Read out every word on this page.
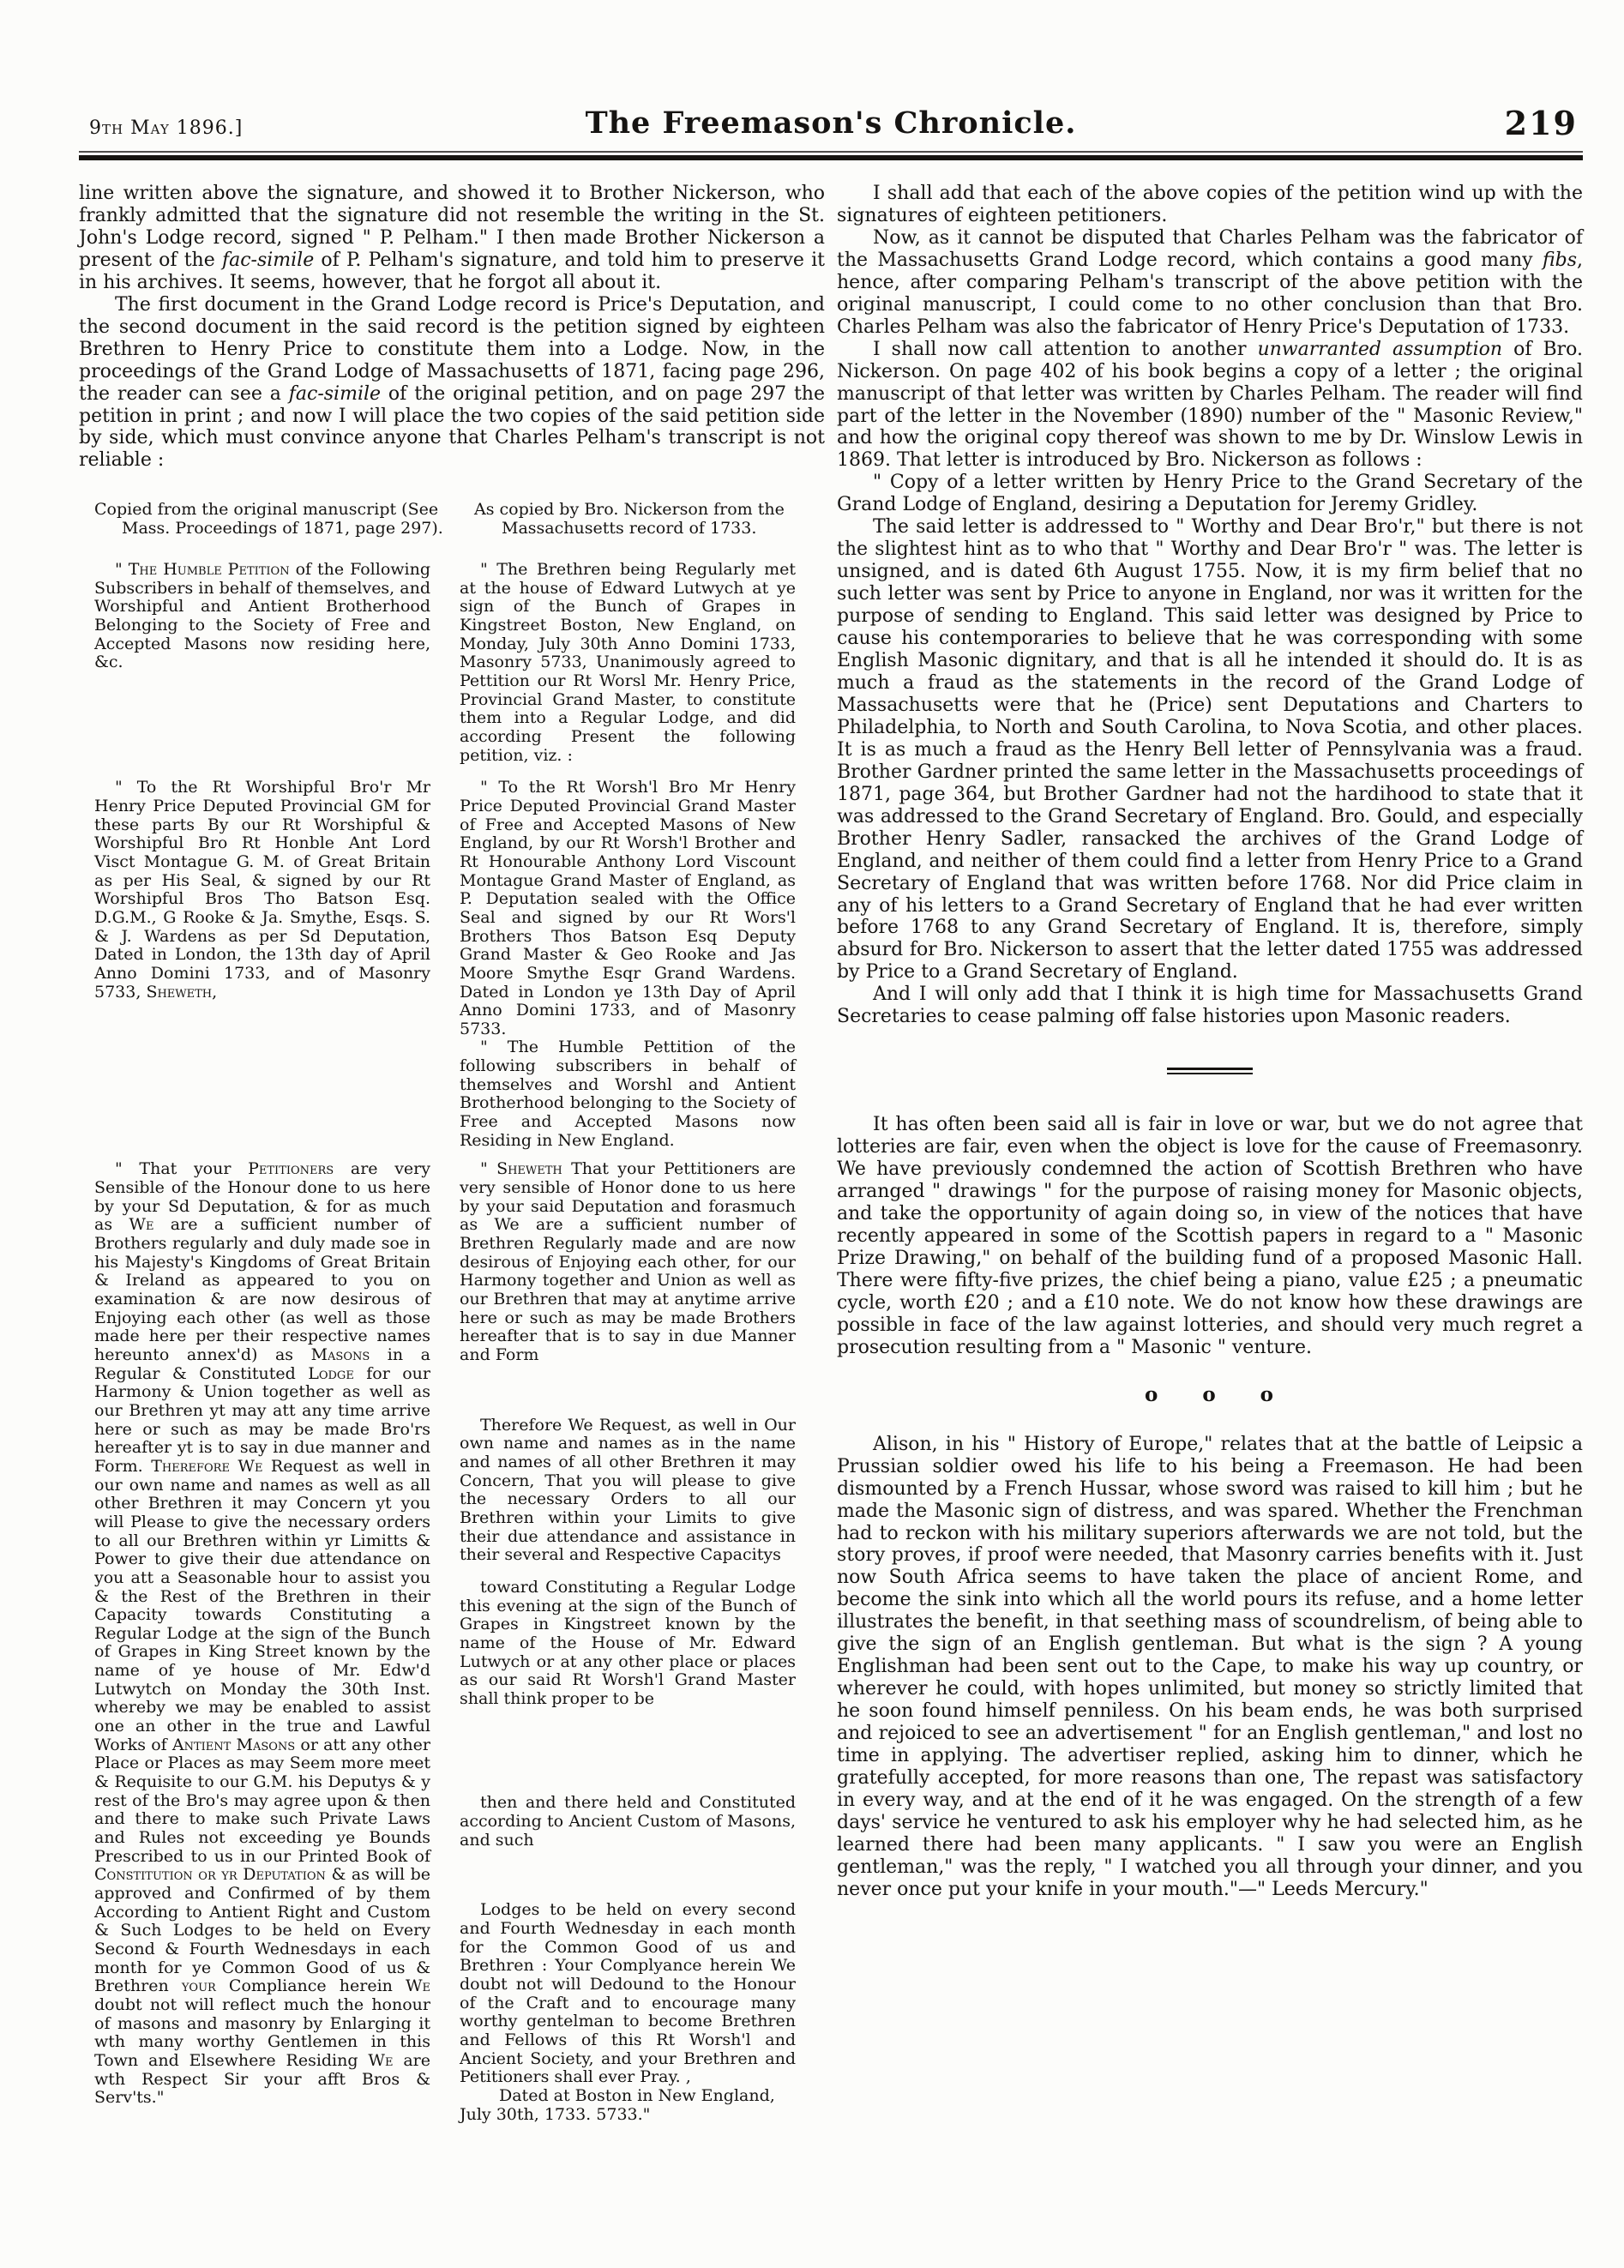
9th May 1896.]	The Freemason's Chronicle.	219

line written above the signature, and showed it to Brother Nickerson, who frankly admitted that the signature did not resemble the writing in the St. John's Lodge record, signed " P. Pelham." I then made Brother Nickerson a present of the fac-simile of P. Pelham's signature, and told him to preserve it in his archives. It seems, however, that he forgot all about it.

The first document in the Grand Lodge record is Price's Deputation, and the second document in the said record is the petition signed by eighteen Brethren to Henry Price to constitute them into a Lodge. Now, in the proceedings of the Grand Lodge of Massachusetts of 1871, facing page 296, the reader can see a fac-simile of the original petition, and on page 297 the petition in print ; and now I will place the two copies of the said petition side by side, which must convince anyone that Charles Pelham's transcript is not reliable :

Copied from the original manuscript (See Mass. Proceedings of 1871, page 297).
As copied by Bro. Nickerson from the Massachusetts record of 1733.

" The Humble Petition of the Following Subscribers in behalf of themselves, and Worshipful and Antient Brotherhood Belonging to the Society of Free and Accepted Masons now residing here, &c.

" The Brethren being Regularly met at the house of Edward Lutwych at ye sign of the Bunch of Grapes in Kingstreet Boston, New England, on Monday, July 30th Anno Domini 1733, Masonry 5733, Unanimously agreed to Pettition our Rt Worsl Mr. Henry Price, Provincial Grand Master, to constitute them into a Regular Lodge, and did according Present the following petition, viz. :

" To the Rt Worshipful Bro'r Mr Henry Price Deputed Provincial GM for these parts By our Rt Worshipful & Worshipful Bro Rt Honble Ant Lord Visct Montague G. M. of Great Britain as per His Seal, & signed by our Rt Worshipful Bros Tho Batson Esq. D.G.M., G Rooke & Ja. Smythe, Esqs. S. & J. Wardens as per Sd Deputation, Dated in London, the 13th day of April Anno Domini 1733, and of Masonry 5733, Sheweth,

" To the Rt Worsh'l Bro Mr Henry Price Deputed Provincial Grand Master of Free and Accepted Masons of New England, by our Rt Worsh'l Brother and Rt Honourable Anthony Lord Viscount Montague Grand Master of England, as P. Deputation sealed with the Office Seal and signed by our Rt Wors'l Brothers Thos Batson Esq Deputy Grand Master & Geo Rooke and Jas Moore Smythe Esqr Grand Wardens. Dated in London ye 13th Day of April Anno Domini 1733, and of Masonry 5733.

" The Humble Pettition of the following subscribers in behalf of themselves and Worshl and Antient Brotherhood belonging to the Society of Free and Accepted Masons now Residing in New England.

" That your Petitioners are very Sensible of the Honour done to us here by your Sd Deputation, & for as much as We are a sufficient number of Brothers regularly and duly made soe in his Majesty's Kingdoms of Great Britain & Ireland as appeared to you on examination & are now desirous of Enjoying each other (as well as those made here per their respective names hereunto annex'd) as Masons in a Regular & Constituted Lodge for our Harmony & Union together as well as our Brethren yt may att any time arrive here or such as may be made Bro'rs hereafter yt is to say in due manner and Form. Therefore We Request as well in our own name and names as well as all other Brethren it may Concern yt you will Please to give the necessary orders to all our Brethren within yr Limitts & Power to give their due attendance on you att a Seasonable hour to assist you & the Rest of the Brethren in their Capacity towards Constituting a Regular Lodge at the sign of the Bunch of Grapes in King Street known by the name of ye house of Mr. Edw'd Lutwytch on Monday the 30th Inst. whereby we may be enabled to assist one an other in the true and Lawful Works of Antient Masons or att any other Place or Places as may Seem more meet & Requisite to our G.M. his Deputys & y rest of the Bro's may agree upon & then and there to make such Private Laws and Rules not exceeding ye Bounds Prescribed to us in our Printed Book of Constitution or yr Deputation & as will be approved and Confirmed of by them According to Antient Right and Custom & Such Lodges to be held on Every Second & Fourth Wednesdays in each month for ye Common Good of us & Brethren your Compliance herein We doubt not will reflect much the honour of masons and masonry by Enlarging it wth many worthy Gentlemen in this Town and Elsewhere Residing We are wth Respect Sir your afft Bros & Serv'ts."

" Sheweth That your Pettitioners are very sensible of Honor done to us here by your said Deputation and forasmuch as We are a sufficient number of Brethren Regularly made and are now desirous of Enjoying each other, for our Harmony together and Union as well as our Brethren that may at anytime arrive here or such as may be made Brothers hereafter that is to say in due Manner and Form

Therefore We Request, as well in Our own name and names as in the name and names of all other Brethren it may Concern, That you will please to give the necessary Orders to all our Brethren within your Limits to give their due attendance and assistance in their several and Respective Capacitys

toward Constituting a Regular Lodge this evening at the sign of the Bunch of Grapes in Kingstreet known by the name of the House of Mr. Edward Lutwych or at any other place or places as our said Rt Worsh'l Grand Master shall think proper to be

then and there held and Constituted according to Ancient Custom of Masons, and such

Lodges to be held on every second and Fourth Wednesday in each month for the Common Good of us and Brethren : Your Complyance herein We doubt not will Dedound to the Honour of the Craft and to encourage many worthy gentelman to become Brethren and Fellows of this Rt Worsh'l and Ancient Society, and your Brethren and Petitioners shall ever Pray. ,

Dated at Boston in New England, July 30th, 1733. 5733."

I shall add that each of the above copies of the petition wind up with the signatures of eighteen petitioners.

Now, as it cannot be disputed that Charles Pelham was the fabricator of the Massachusetts Grand Lodge record, which contains a good many fibs, hence, after comparing Pelham's transcript of the above petition with the original manuscript, I could come to no other conclusion than that Bro. Charles Pelham was also the fabricator of Henry Price's Deputation of 1733.

I shall now call attention to another unwarranted assumption of Bro. Nickerson. On page 402 of his book begins a copy of a letter ; the original manuscript of that letter was written by Charles Pelham. The reader will find part of the letter in the November (1890) number of the " Masonic Review," and how the original copy thereof was shown to me by Dr. Winslow Lewis in 1869. That letter is introduced by Bro. Nickerson as follows :

" Copy of a letter written by Henry Price to the Grand Secretary of the Grand Lodge of England, desiring a Deputation for Jeremy Gridley.

The said letter is addressed to " Worthy and Dear Bro'r," but there is not the slightest hint as to who that " Worthy and Dear Bro'r " was. The letter is unsigned, and is dated 6th August 1755. Now, it is my firm belief that no such letter was sent by Price to anyone in England, nor was it written for the purpose of sending to England. This said letter was designed by Price to cause his contemporaries to believe that he was corresponding with some English Masonic dignitary, and that is all he intended it should do. It is as much a fraud as the statements in the record of the Grand Lodge of Massachusetts were that he (Price) sent Deputations and Charters to Philadelphia, to North and South Carolina, to Nova Scotia, and other places. It is as much a fraud as the Henry Bell letter of Pennsylvania was a fraud. Brother Gardner printed the same letter in the Massachusetts proceedings of 1871, page 364, but Brother Gardner had not the hardihood to state that it was addressed to the Grand Secretary of England. Bro. Gould, and especially Brother Henry Sadler, ransacked the archives of the Grand Lodge of England, and neither of them could find a letter from Henry Price to a Grand Secretary of England that was written before 1768. Nor did Price claim in any of his letters to a Grand Secretary of England that he had ever written before 1768 to any Grand Secretary of England. It is, therefore, simply absurd for Bro. Nickerson to assert that the letter dated 1755 was addressed by Price to a Grand Secretary of England.

And I will only add that I think it is high time for Massachusetts Grand Secretaries to cease palming off false histories upon Masonic readers.

It has often been said all is fair in love or war, but we do not agree that lotteries are fair, even when the object is love for the cause of Freemasonry. We have previously condemned the action of Scottish Brethren who have arranged " drawings " for the purpose of raising money for Masonic objects, and take the opportunity of again doing so, in view of the notices that have recently appeared in some of the Scottish papers in regard to a " Masonic Prize Drawing," on behalf of the building fund of a proposed Masonic Hall. There were fifty-five prizes, the chief being a piano, value £25 ; a pneumatic cycle, worth £20 ; and a £10 note. We do not know how these drawings are possible in face of the law against lotteries, and should very much regret a prosecution resulting from a " Masonic " venture.

o o o

Alison, in his " History of Europe," relates that at the battle of Leipsic a Prussian soldier owed his life to his being a Freemason. He had been dismounted by a French Hussar, whose sword was raised to kill him ; but he made the Masonic sign of distress, and was spared. Whether the Frenchman had to reckon with his military superiors afterwards we are not told, but the story proves, if proof were needed, that Masonry carries benefits with it. Just now South Africa seems to have taken the place of ancient Rome, and become the sink into which all the world pours its refuse, and a home letter illustrates the benefit, in that seething mass of scoundrelism, of being able to give the sign of an English gentleman. But what is the sign ? A young Englishman had been sent out to the Cape, to make his way up country, or wherever he could, with hopes unlimited, but money so strictly limited that he soon found himself penniless. On his beam ends, he was both surprised and rejoiced to see an advertisement " for an English gentleman," and lost no time in applying. The advertiser replied, asking him to dinner, which he gratefully accepted, for more reasons than one, The repast was satisfactory in every way, and at the end of it he was engaged. On the strength of a few days' service he ventured to ask his employer why he had selected him, as he learned there had been many applicants. " I saw you were an English gentleman," was the reply, " I watched you all through your dinner, and you never once put your knife in your mouth."—" Leeds Mercury."
